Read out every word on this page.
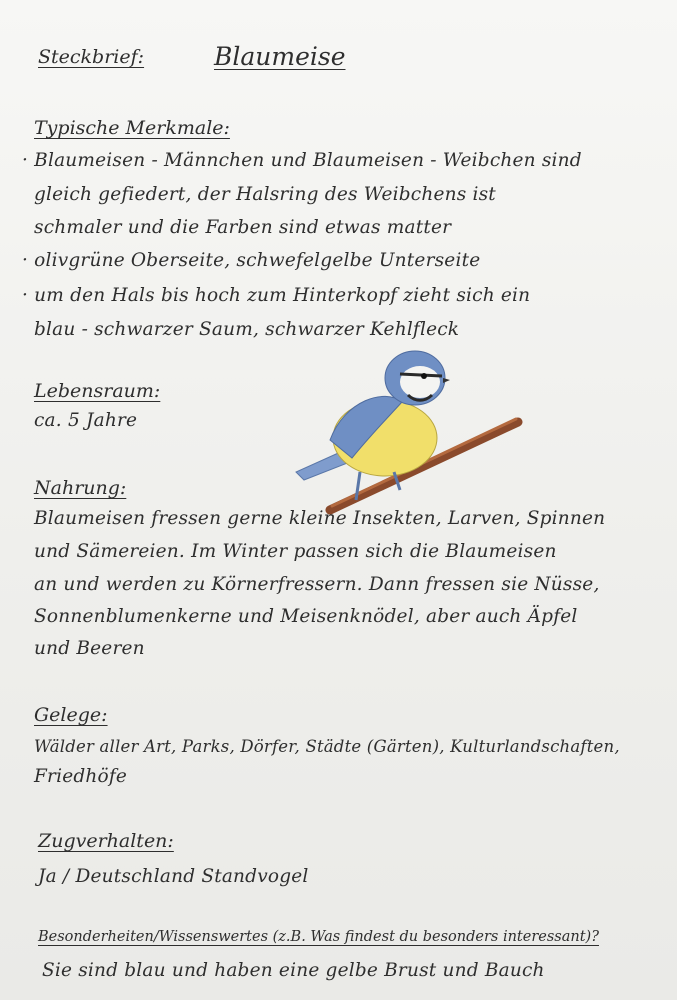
Steckbrief:	Blaumeise
Typische Merkmale:
· Blaumeisen - Männchen und Blaumeisen - Weibchen sind
gleich gefiedert, der Halsring des Weibchens ist
schmaler und die Farben sind etwas matter
· olivgrüne Oberseite, schwefelgelbe Unterseite
· um den Hals bis hoch zum Hinterkopf zieht sich ein
blau - schwarzer Saum, schwarzer Kehlfleck
Lebensraum:
ca. 5 Jahre
Nahrung:
Blaumeisen fressen gerne kleine Insekten, Larven, Spinnen
und Sämereien. Im Winter passen sich die Blaumeisen
an und werden zu Körnerfressern. Dann fressen sie Nüsse,
Sonnenblumenkerne und Meisenknödel, aber auch Äpfel
und Beeren
Gelege:
Wälder aller Art, Parks, Dörfer, Städte (Gärten), Kulturlandschaften,
Friedhöfe
Zugverhalten:
Ja / Deutschland Standvogel
Besonderheiten/Wissenswertes (z.B. Was findest du besonders interessant)?
Sie sind blau und haben eine gelbe Brust und Bauch
